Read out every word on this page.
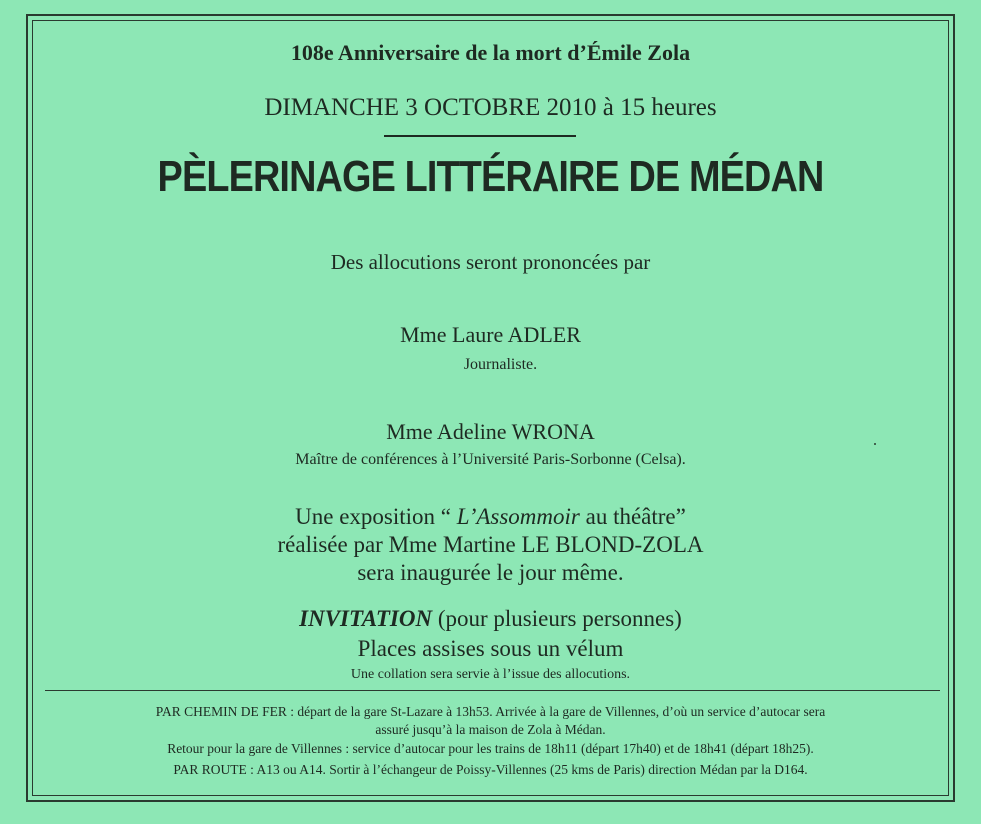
108e Anniversaire de la mort d’Émile Zola
DIMANCHE 3 OCTOBRE 2010 à 15 heures
PÈLERINAGE LITTÉRAIRE DE MÉDAN
Des allocutions seront prononcées par
Mme Laure ADLER
Journaliste.
Mme Adeline WRONA
Maître de conférences à l’Université Paris-Sorbonne (Celsa).
Une exposition “ L’Assommoir au théâtre”
réalisée par Mme Martine LE BLOND-ZOLA
sera inaugurée le jour même.
INVITATION (pour plusieurs personnes)
Places assises sous un vélum
Une collation sera servie à l’issue des allocutions.
PAR CHEMIN DE FER : départ de la gare St-Lazare à 13h53. Arrivée à la gare de Villennes, d’où un service d’autocar sera
assuré jusqu’à la maison de Zola à Médan.
Retour pour la gare de Villennes : service d’autocar pour les trains de 18h11 (départ 17h40) et de 18h41 (départ 18h25).
PAR ROUTE : A13 ou A14. Sortir à l’échangeur de Poissy-Villennes (25 kms de Paris) direction Médan par la D164.
